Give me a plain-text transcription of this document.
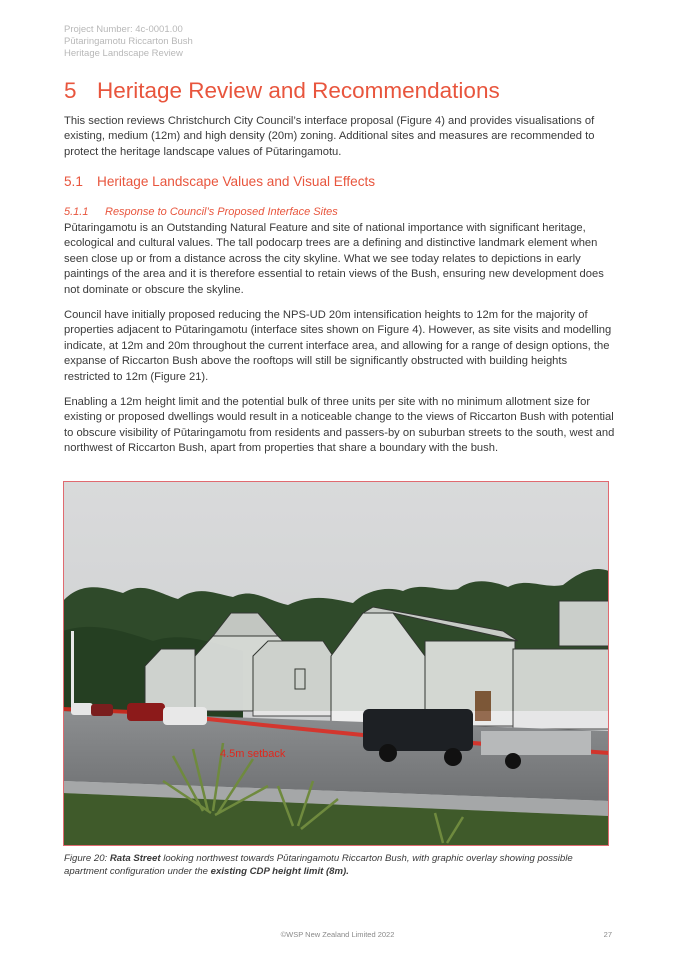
Project Number: 4c-0001.00
Pūtaringamotu Riccarton Bush
Heritage Landscape Review
5 Heritage Review and Recommendations
This section reviews Christchurch City Council’s interface proposal (Figure 4) and provides visualisations of existing, medium (12m) and high density (20m) zoning. Additional sites and measures are recommended to protect the heritage landscape values of Pūtaringamotu.
5.1 Heritage Landscape Values and Visual Effects
5.1.1 Response to Council’s Proposed Interface Sites
Pūtaringamotu is an Outstanding Natural Feature and site of national importance with significant heritage, ecological and cultural values. The tall podocarp trees are a defining and distinctive landmark element when seen close up or from a distance across the city skyline. What we see today relates to depictions in early paintings of the area and it is therefore essential to retain views of the Bush, ensuring new development does not dominate or obscure the skyline.
Council have initially proposed reducing the NPS-UD 20m intensification heights to 12m for the majority of properties adjacent to Pūtaringamotu (interface sites shown on Figure 4). However, as site visits and modelling indicate, at 12m and 20m throughout the current interface area, and allowing for a range of design options, the expanse of Riccarton Bush above the rooftops will still be significantly obstructed with building heights restricted to 12m (Figure 21).
Enabling a 12m height limit and the potential bulk of three units per site with no minimum allotment size for existing or proposed dwellings would result in a noticeable change to the views of Riccarton Bush with potential to obscure visibility of Pūtaringamotu from residents and passers-by on suburban streets to the south, west and northwest of Riccarton Bush, apart from properties that share a boundary with the bush.
4.5m setback
Figure 20: Rata Street looking northwest towards Pūtaringamotu Riccarton Bush, with graphic overlay showing possible apartment configuration under the existing CDP height limit (8m).
©WSP New Zealand Limited 2022	27
